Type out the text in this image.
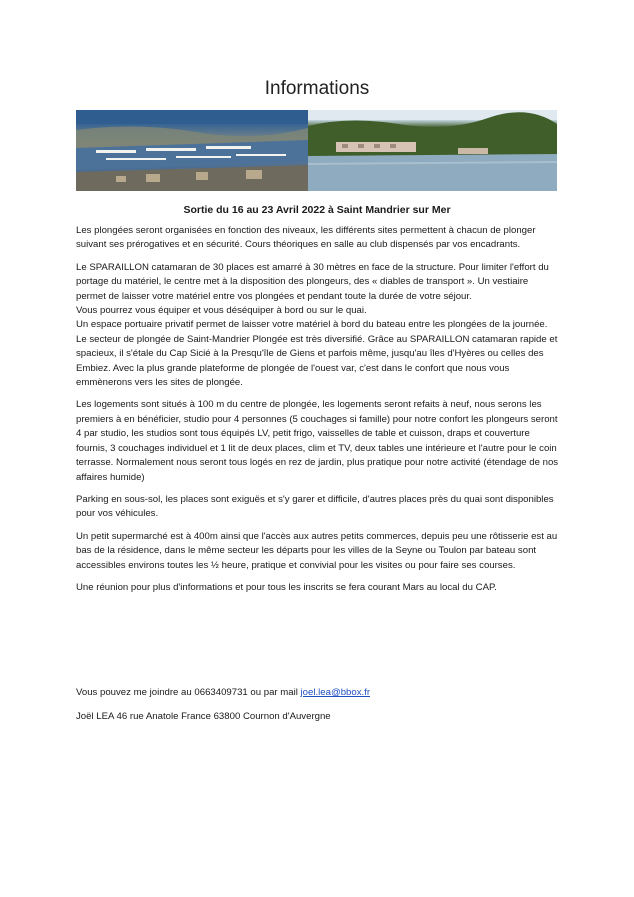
Informations
Sortie du 16 au 23 Avril 2022 à Saint Mandrier sur Mer

Les plongées seront organisées en fonction des niveaux, les différents sites permettent à chacun de plonger suivant ses prérogatives et en sécurité. Cours théoriques en salle au club dispensés par vos encadrants.

Le SPARAILLON catamaran de 30 places est amarré à 30 mètres en face de la structure. Pour limiter l'effort du portage du matériel, le centre met à la disposition des plongeurs, des « diables de transport ». Un vestiaire permet de laisser votre matériel entre vos plongées et pendant toute la durée de votre séjour.
Vous pourrez vous équiper et vous déséquiper à bord ou sur le quai.
Un espace portuaire privatif permet de laisser votre matériel à bord du bateau entre les plongées de la journée.
Le secteur de plongée de Saint-Mandrier Plongée est très diversifié. Grâce au SPARAILLON catamaran rapide et spacieux, il s'étale du Cap Sicié à la Presqu'île de Giens et parfois même, jusqu'au îles d'Hyères ou celles des Embiez. Avec la plus grande plateforme de plongée de l'ouest var, c'est dans le confort que nous vous emmènerons vers les sites de plongée.

Les logements sont situés à 100 m du centre de plongée, les logements seront refaits à neuf, nous serons les premiers à en bénéficier, studio pour 4 personnes (5 couchages si famille) pour notre confort les plongeurs seront 4 par studio, les studios sont tous équipés LV, petit frigo, vaisselles de table et cuisson, draps et couverture fournis, 3 couchages individuel et 1 lit de deux places, clim et TV, deux tables une intérieure et l'autre pour le coin terrasse. Normalement nous seront tous logés en rez de jardin, plus pratique pour notre activité (étendage de nos affaires humide)

Parking en sous-sol, les places sont exiguës et s'y garer et difficile, d'autres places près du quai sont disponibles pour vos véhicules.

Un petit supermarché est à 400m ainsi que l'accès aux autres petits commerces, depuis peu une rôtisserie est au bas de la résidence, dans le même secteur les départs pour les villes de la Seyne ou Toulon par bateau sont accessibles environs toutes les ½ heure, pratique et convivial pour les visites ou pour faire ses courses.

Une réunion pour plus d'informations et pour tous les inscrits se fera courant Mars au local du CAP.

Vous pouvez me joindre au 0663409731 ou par mail joel.lea@bbox.fr
Joël LEA 46 rue Anatole France 63800 Cournon d'Auvergne
